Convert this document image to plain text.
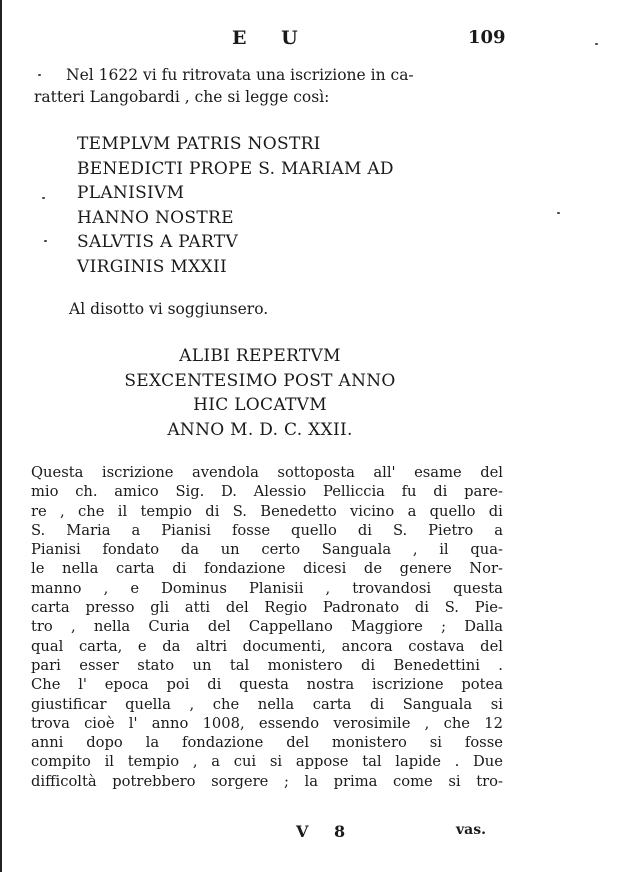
E U	109
Nel 1622 vi fu ritrovata una iscrizione in ca-
ratteri Langobardi , che si legge così:
TEMPLVM PATRIS NOSTRI
BENEDICTI PROPE S. MARIAM AD
PLANISIVM
HANNO NOSTRE
SALVTIS A PARTV
VIRGINIS MXXII
Al disotto vi soggiunsero.
ALIBI REPERTVM
SEXCENTESIMO POST ANNO
HIC LOCATVM
ANNO M. D. C. XXII.
Questa iscrizione avendola sottoposta all' esame del
mio ch. amico Sig. D. Alessio Pelliccia fu di pare-
re , che il tempio di S. Benedetto vicino a quello di
S. Maria a Pianisi fosse quello di S. Pietro a
Pianisi fondato da un certo Sanguala , il qua-
le nella carta di fondazione dicesi de genere Nor-
manno , e Dominus Planisii , trovandosi questa
carta presso gli atti del Regio Padronato di S. Pie-
tro , nella Curia del Cappellano Maggiore ; Dalla
qual carta, e da altri documenti, ancora costava del
pari esser stato un tal monistero di Benedettini .
Che l' epoca poi di questa nostra iscrizione potea
giustificar quella , che nella carta di Sanguala si
trova cioè l' anno 1008, essendo verosimile , che 12
anni dopo la fondazione del monistero si fosse
compito il tempio , a cui si appose tal lapide . Due
difficoltà potrebbero sorgere ; la prima come si tro-
V 8	vas.
